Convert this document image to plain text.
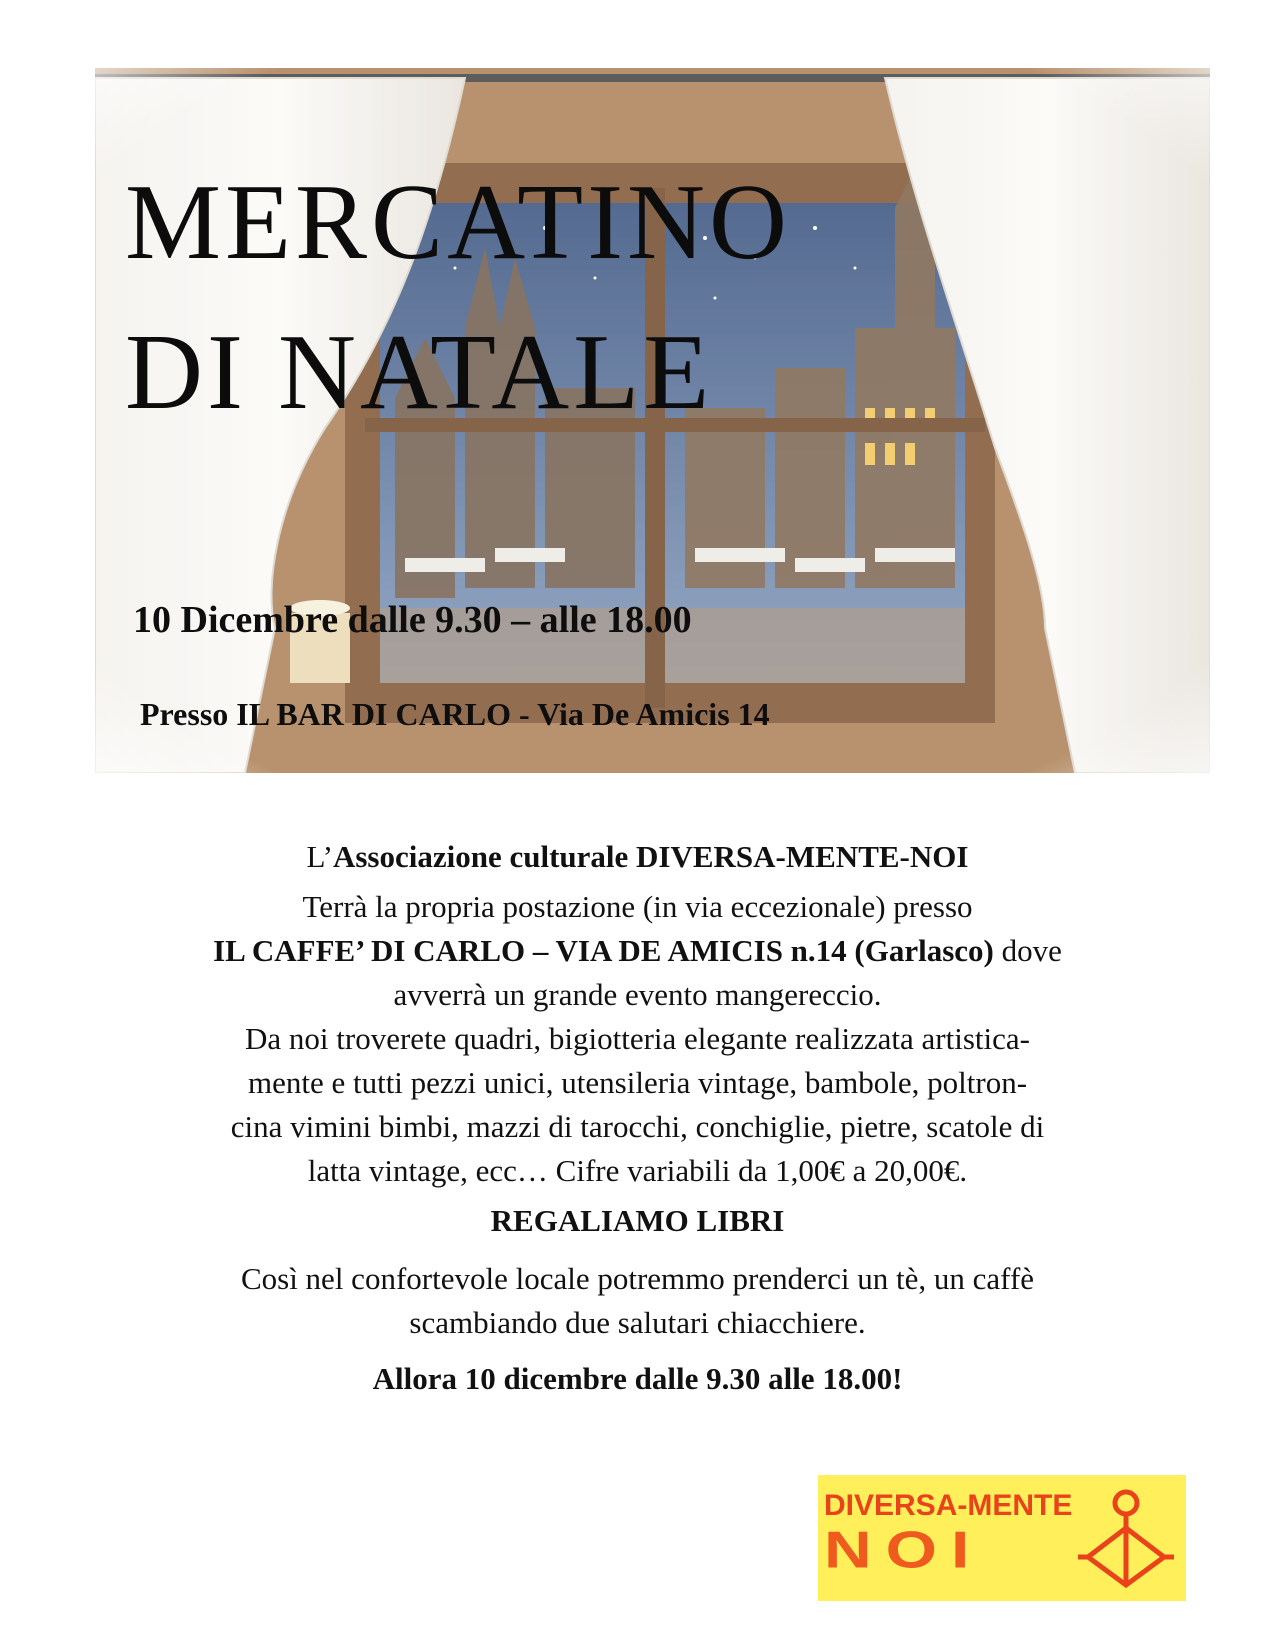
MERCATINO
DI NATALE
10 Dicembre dalle 9.30 – alle 18.00
Presso IL BAR DI CARLO - Via De Amicis 14

L’Associazione culturale DIVERSA-MENTE-NOI

Terrà la propria postazione (in via eccezionale) presso

IL CAFFE’ DI CARLO – VIA DE AMICIS n.14 (Garlasco) dove

avverrà un grande evento mangereccio.

Da noi troverete quadri, bigiotteria elegante realizzata artistica-

mente e tutti pezzi unici, utensileria vintage, bambole, poltron-

cina vimini bimbi, mazzi di tarocchi, conchiglie, pietre, scatole di

latta vintage, ecc… Cifre variabili da 1,00€ a 20,00€.

REGALIAMO LIBRI

Così nel confortevole locale potremmo prenderci un tè, un caffè

scambiando due salutari chiacchiere.

Allora 10 dicembre dalle 9.30 alle 18.00!

DIVERSA-MENTE
NOI
